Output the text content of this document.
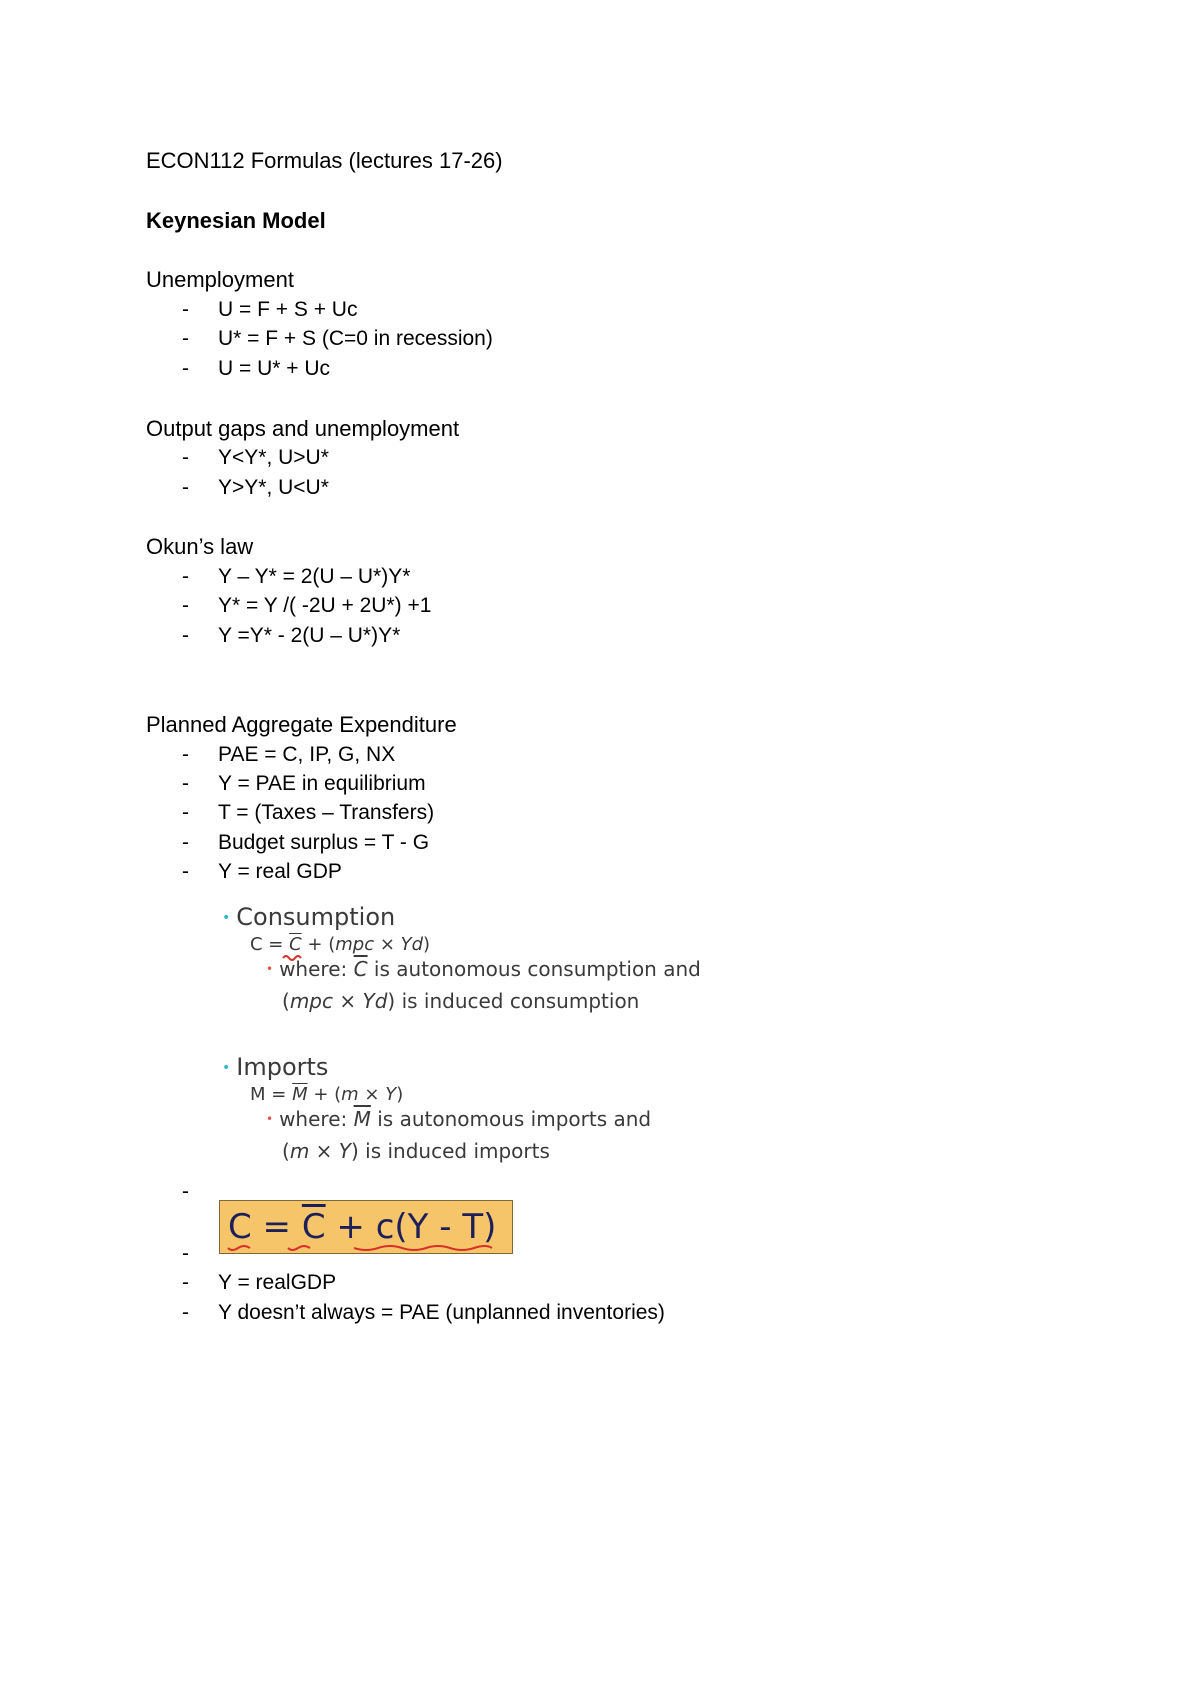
ECON112 Formulas (lectures 17-26)
Keynesian Model
Unemployment
- U = F + S + Uc
- U* = F + S (C=0 in recession)
- U = U* + Uc
Output gaps and unemployment
- Y<Y*, U>U*
- Y>Y*, U<U*
Okun’s law
- Y – Y* = 2(U – U*)Y*
- Y* = Y /( -2U + 2U*) +1
- Y =Y* - 2(U – U*)Y*
Planned Aggregate Expenditure
- PAE = C, IP, G, NX
- Y = PAE in equilibrium
- T = (Taxes – Transfers)
- Budget surplus = T - G
- Y = real GDP
• Consumption
$C = \overline{C} + (mpc \times Yd)$
• where: $\overline{C}$ is autonomous consumption and
(mpc × Yd) is induced consumption
• Imports
$M = \overline{M} + (m \times Y)$
• where: $\overline{M}$ is autonomous imports and
(m × Y) is induced imports
-
-
$C = \overline{C} + c(Y - T)$
- Y = realGDP
- Y doesn’t always = PAE (unplanned inventories)
